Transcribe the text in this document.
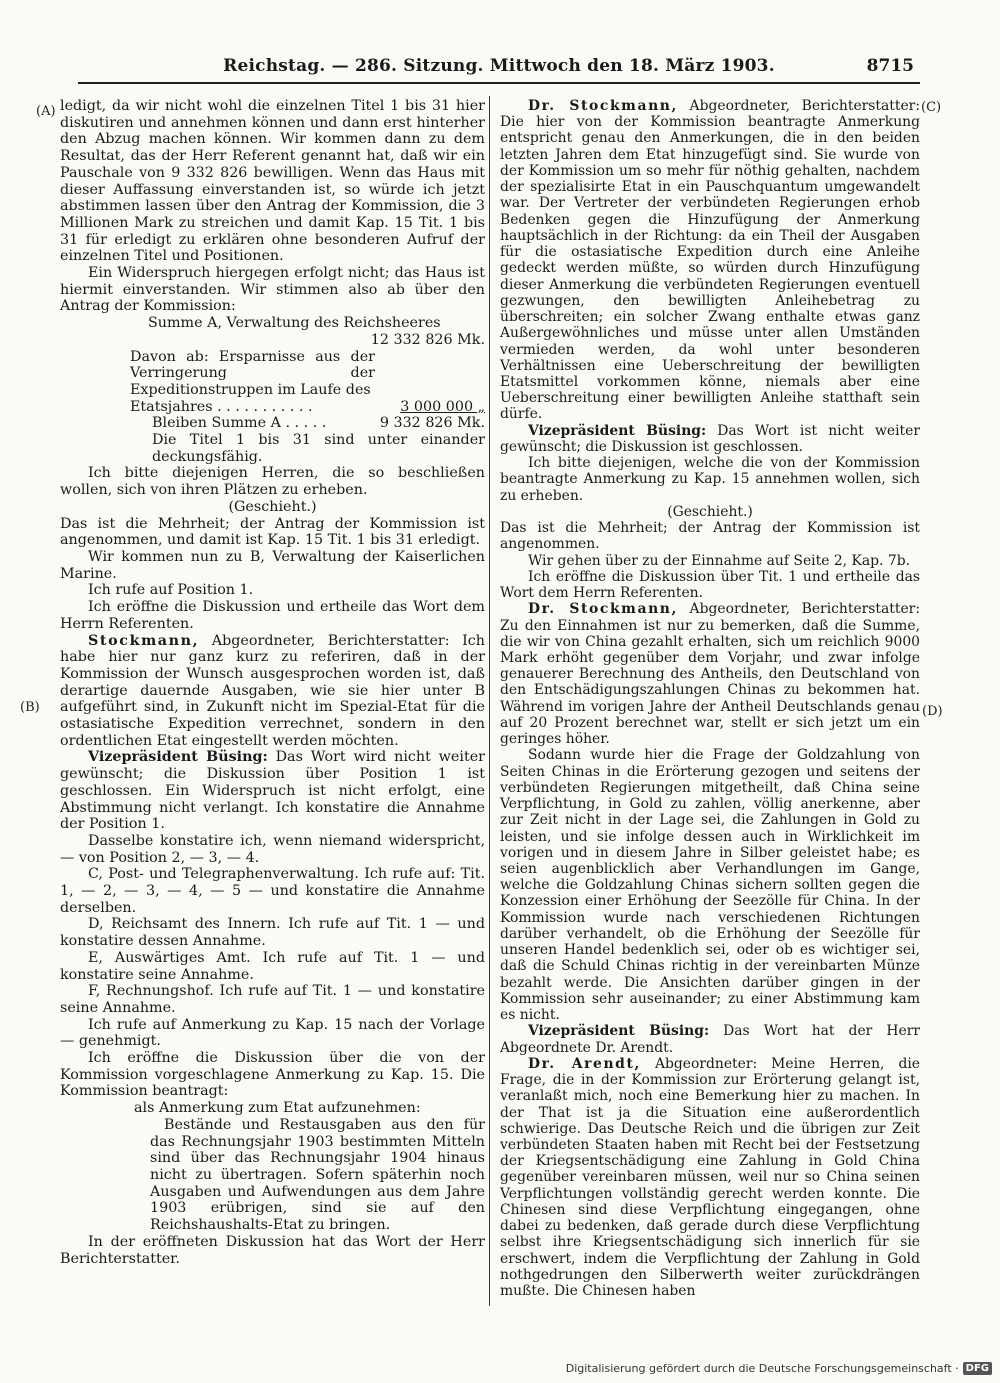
Reichstag. — 286. Sitzung. Mittwoch den 18. März 1903.	8715
(A)
(B)
(C)
(D)

ledigt, da wir nicht wohl die einzelnen Titel 1 bis 31 hier diskutiren und annehmen können und dann erst hinterher den Abzug machen können. Wir kommen dann zu dem Resultat, das der Herr Referent genannt hat, daß wir ein Pauschale von 9 332 826 bewilligen. Wenn das Haus mit dieser Auffassung einverstanden ist, so würde ich jetzt abstimmen lassen über den Antrag der Kommission, die 3 Millionen Mark zu streichen und damit Kap. 15 Tit. 1 bis 31 für erledigt zu erklären ohne besonderen Aufruf der einzelnen Titel und Positionen.

Ein Widerspruch hiergegen erfolgt nicht; das Haus ist hiermit einverstanden. Wir stimmen also ab über den Antrag der Kommission:

Summe A, Verwaltung des Reichsheeres

12 332 826 Mk.

Davon ab: Ersparnisse aus der Verringerung der Expeditionstruppen im Laufe des

Etatsjahres . . . . . . . . . . .	3 000 000 „
Bleiben Summe A . . . . .	9 332 826 Mk.

Die Titel 1 bis 31 sind unter einander deckungsfähig.

Ich bitte diejenigen Herren, die so beschließen wollen, sich von ihren Plätzen zu erheben.

(Geschieht.)

Das ist die Mehrheit; der Antrag der Kommission ist angenommen, und damit ist Kap. 15 Tit. 1 bis 31 erledigt.

Wir kommen nun zu B, Verwaltung der Kaiserlichen Marine.

Ich rufe auf Position 1.

Ich eröffne die Diskussion und ertheile das Wort dem Herrn Referenten.

Stockmann, Abgeordneter, Berichterstatter: Ich habe hier nur ganz kurz zu referiren, daß in der Kommission der Wunsch ausgesprochen worden ist, daß derartige dauernde Ausgaben, wie sie hier unter B aufgeführt sind, in Zukunft nicht im Spezial-Etat für die ostasiatische Expedition verrechnet, sondern in den ordentlichen Etat eingestellt werden möchten.

Vizepräsident Büsing: Das Wort wird nicht weiter gewünscht; die Diskussion über Position 1 ist geschlossen. Ein Widerspruch ist nicht erfolgt, eine Abstimmung nicht verlangt. Ich konstatire die Annahme der Position 1.

Dasselbe konstatire ich, wenn niemand widerspricht, — von Position 2, — 3, — 4.

C, Post- und Telegraphenverwaltung. Ich rufe auf: Tit. 1, — 2, — 3, — 4, — 5 — und konstatire die Annahme derselben.

D, Reichsamt des Innern. Ich rufe auf Tit. 1 — und konstatire dessen Annahme.

E, Auswärtiges Amt. Ich rufe auf Tit. 1 — und konstatire seine Annahme.

F, Rechnungshof. Ich rufe auf Tit. 1 — und konstatire seine Annahme.

Ich rufe auf Anmerkung zu Kap. 15 nach der Vorlage — genehmigt.

Ich eröffne die Diskussion über die von der Kommission vorgeschlagene Anmerkung zu Kap. 15. Die Kommission beantragt:

als Anmerkung zum Etat aufzunehmen:

Bestände und Restausgaben aus den für das Rechnungsjahr 1903 bestimmten Mitteln sind über das Rechnungsjahr 1904 hinaus nicht zu übertragen. Sofern späterhin noch Ausgaben und Aufwendungen aus dem Jahre 1903 erübrigen, sind sie auf den Reichshaushalts-Etat zu bringen.

In der eröffneten Diskussion hat das Wort der Herr Berichterstatter.

Dr. Stockmann, Abgeordneter, Berichterstatter: Die hier von der Kommission beantragte Anmerkung entspricht genau den Anmerkungen, die in den beiden letzten Jahren dem Etat hinzugefügt sind. Sie wurde von der Kommission um so mehr für nöthig gehalten, nachdem der spezialisirte Etat in ein Pauschquantum umgewandelt war. Der Vertreter der verbündeten Regierungen erhob Bedenken gegen die Hinzufügung der Anmerkung hauptsächlich in der Richtung: da ein Theil der Ausgaben für die ostasiatische Expedition durch eine Anleihe gedeckt werden müßte, so würden durch Hinzufügung dieser Anmerkung die verbündeten Regierungen eventuell gezwungen, den bewilligten Anleihebetrag zu überschreiten; ein solcher Zwang enthalte etwas ganz Außergewöhnliches und müsse unter allen Umständen vermieden werden, da wohl unter besonderen Verhältnissen eine Ueberschreitung der bewilligten Etatsmittel vorkommen könne, niemals aber eine Ueberschreitung einer bewilligten Anleihe statthaft sein dürfe.

Vizepräsident Büsing: Das Wort ist nicht weiter gewünscht; die Diskussion ist geschlossen.

Ich bitte diejenigen, welche die von der Kommission beantragte Anmerkung zu Kap. 15 annehmen wollen, sich zu erheben.

(Geschieht.)

Das ist die Mehrheit; der Antrag der Kommission ist angenommen.

Wir gehen über zu der Einnahme auf Seite 2, Kap. 7b.

Ich eröffne die Diskussion über Tit. 1 und ertheile das Wort dem Herrn Referenten.

Dr. Stockmann, Abgeordneter, Berichterstatter: Zu den Einnahmen ist nur zu bemerken, daß die Summe, die wir von China gezahlt erhalten, sich um reichlich 9000 Mark erhöht gegenüber dem Vorjahr, und zwar infolge genauerer Berechnung des Antheils, den Deutschland von den Entschädigungszahlungen Chinas zu bekommen hat. Während im vorigen Jahre der Antheil Deutschlands genau auf 20 Prozent berechnet war, stellt er sich jetzt um ein geringes höher.

Sodann wurde hier die Frage der Goldzahlung von Seiten Chinas in die Erörterung gezogen und seitens der verbündeten Regierungen mitgetheilt, daß China seine Verpflichtung, in Gold zu zahlen, völlig anerkenne, aber zur Zeit nicht in der Lage sei, die Zahlungen in Gold zu leisten, und sie infolge dessen auch in Wirklichkeit im vorigen und in diesem Jahre in Silber geleistet habe; es seien augenblicklich aber Verhandlungen im Gange, welche die Goldzahlung Chinas sichern sollten gegen die Konzession einer Erhöhung der Seezölle für China. In der Kommission wurde nach verschiedenen Richtungen darüber verhandelt, ob die Erhöhung der Seezölle für unseren Handel bedenklich sei, oder ob es wichtiger sei, daß die Schuld Chinas richtig in der vereinbarten Münze bezahlt werde. Die Ansichten darüber gingen in der Kommission sehr auseinander; zu einer Abstimmung kam es nicht.

Vizepräsident Büsing: Das Wort hat der Herr Abgeordnete Dr. Arendt.

Dr. Arendt, Abgeordneter: Meine Herren, die Frage, die in der Kommission zur Erörterung gelangt ist, veranlaßt mich, noch eine Bemerkung hier zu machen. In der That ist ja die Situation eine außerordentlich schwierige. Das Deutsche Reich und die übrigen zur Zeit verbündeten Staaten haben mit Recht bei der Festsetzung der Kriegsentschädigung eine Zahlung in Gold China gegenüber vereinbaren müssen, weil nur so China seinen Verpflichtungen vollständig gerecht werden konnte. Die Chinesen sind diese Verpflichtung eingegangen, ohne dabei zu bedenken, daß gerade durch diese Verpflichtung selbst ihre Kriegsentschädigung sich innerlich für sie erschwert, indem die Verpflichtung der Zahlung in Gold nothgedrungen den Silberwerth weiter zurückdrängen mußte. Die Chinesen haben

Digitalisierung gefördert durch die Deutsche Forschungsgemeinschaft · DFG
